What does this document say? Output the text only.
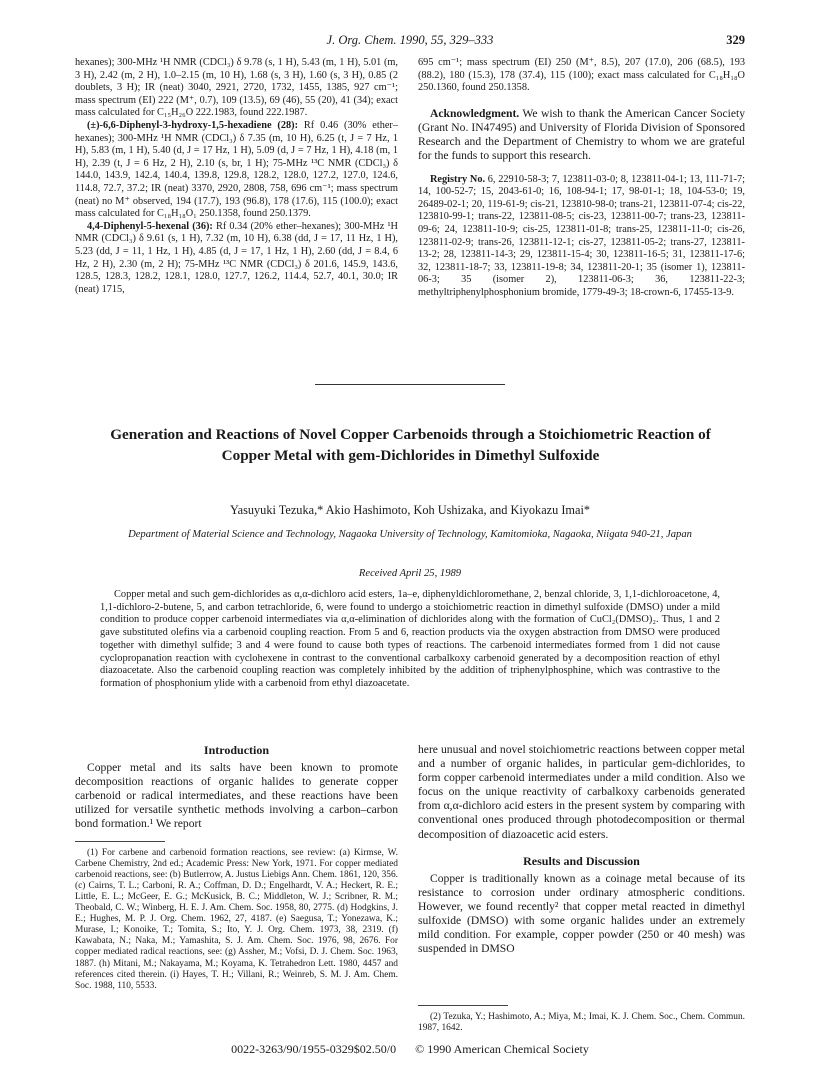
J. Org. Chem. 1990, 55, 329–333	329

hexanes); 300-MHz ¹H NMR (CDCl₃) δ 9.78 (s, 1 H), 5.43 (m, 1 H), 5.01 (m, 3 H), 2.42 (m, 2 H), 1.0–2.15 (m, 10 H), 1.68 (s, 3 H), 1.60 (s, 3 H), 0.85 (2 doublets, 3 H); IR (neat) 3040, 2921, 2720, 1732, 1455, 1385, 927 cm⁻¹; mass spectrum (EI) 222 (M⁺, 0.7), 109 (13.5), 69 (46), 55 (20), 41 (34); exact mass calculated for C₁₅H₂₆O 222.1983, found 222.1987.

(±)-6,6-Diphenyl-3-hydroxy-1,5-hexadiene (28): Rf 0.46 (30% ether–hexanes); 300-MHz ¹H NMR (CDCl₃) δ 7.35 (m, 10 H), 6.25 (t, J = 7 Hz, 1 H), 5.83 (m, 1 H), 5.40 (d, J = 17 Hz, 1 H), 5.09 (d, J = 7 Hz, 1 H), 4.18 (m, 1 H), 2.39 (t, J = 6 Hz, 2 H), 2.10 (s, br, 1 H); 75-MHz ¹³C NMR (CDCl₃) δ 144.0, 143.9, 142.4, 140.4, 139.8, 129.8, 128.2, 128.0, 127.2, 127.0, 124.6, 114.8, 72.7, 37.2; IR (neat) 3370, 2920, 2808, 758, 696 cm⁻¹; mass spectrum (neat) no M⁺ observed, 194 (17.7), 193 (96.8), 178 (17.6), 115 (100.0); exact mass calculated for C₁₈H₁₈O₁ 250.1358, found 250.1379.

4,4-Diphenyl-5-hexenal (36): Rf 0.34 (20% ether–hexanes); 300-MHz ¹H NMR (CDCl₃) δ 9.61 (s, 1 H), 7.32 (m, 10 H), 6.38 (dd, J = 17, 11 Hz, 1 H), 5.23 (dd, J = 11, 1 Hz, 1 H), 4.85 (d, J = 17, 1 Hz, 1 H), 2.60 (dd, J = 8.4, 6 Hz, 2 H), 2.30 (m, 2 H); 75-MHz ¹³C NMR (CDCl₃) δ 201.6, 145.9, 143.6, 128.5, 128.3, 128.2, 128.1, 128.0, 127.7, 126.2, 114.4, 52.7, 40.1, 30.0; IR (neat) 1715,

695 cm⁻¹; mass spectrum (EI) 250 (M⁺, 8.5), 207 (17.0), 206 (68.5), 193 (88.2), 180 (15.3), 178 (37.4), 115 (100); exact mass calculated for C₁₈H₁₈O 250.1360, found 250.1358.

Acknowledgment. We wish to thank the American Cancer Society (Grant No. IN47495) and University of Florida Division of Sponsored Research and the Department of Chemistry to whom we are grateful for the funds to support this research.

Registry No. 6, 22910-58-3; 7, 123811-03-0; 8, 123811-04-1; 13, 111-71-7; 14, 100-52-7; 15, 2043-61-0; 16, 108-94-1; 17, 98-01-1; 18, 104-53-0; 19, 26489-02-1; 20, 119-61-9; cis-21, 123810-98-0; trans-21, 123811-07-4; cis-22, 123810-99-1; trans-22, 123811-08-5; cis-23, 123811-00-7; trans-23, 123811-09-6; 24, 123811-10-9; cis-25, 123811-01-8; trans-25, 123811-11-0; cis-26, 123811-02-9; trans-26, 123811-12-1; cis-27, 123811-05-2; trans-27, 123811-13-2; 28, 123811-14-3; 29, 123811-15-4; 30, 123811-16-5; 31, 123811-17-6; 32, 123811-18-7; 33, 123811-19-8; 34, 123811-20-1; 35 (isomer 1), 123811-06-3; 35 (isomer 2), 123811-06-3; 36, 123811-22-3; methyltriphenylphosphonium bromide, 1779-49-3; 18-crown-6, 17455-13-9.

Generation and Reactions of Novel Copper Carbenoids through a Stoichiometric Reaction of Copper Metal with gem-Dichlorides in Dimethyl Sulfoxide
Yasuyuki Tezuka,* Akio Hashimoto, Koh Ushizaka, and Kiyokazu Imai*
Department of Material Science and Technology, Nagaoka University of Technology, Kamitomioka, Nagaoka, Niigata 940-21, Japan
Received April 25, 1989
Copper metal and such gem-dichlorides as α,α-dichloro acid esters, 1a–e, diphenyldichloromethane, 2, benzal chloride, 3, 1,1-dichloroacetone, 4, 1,1-dichloro-2-butene, 5, and carbon tetrachloride, 6, were found to undergo a stoichiometric reaction in dimethyl sulfoxide (DMSO) under a mild condition to produce copper carbenoid intermediates via α,α-elimination of dichlorides along with the formation of CuCl₂(DMSO)₂. Thus, 1 and 2 gave substituted olefins via a carbenoid coupling reaction. From 5 and 6, reaction products via the oxygen abstraction from DMSO were produced together with dimethyl sulfide; 3 and 4 were found to cause both types of reactions. The carbenoid intermediates formed from 1 did not cause cyclopropanation reaction with cyclohexene in contrast to the conventional carbalkoxy carbenoid generated by a decomposition reaction of ethyl diazoacetate. Also the carbenoid coupling reaction was completely inhibited by the addition of triphenylphosphine, which was contrastive to the formation of phosphonium ylide with a carbenoid from ethyl diazoacetate.
Introduction

Copper metal and its salts have been known to promote decomposition reactions of organic halides to generate copper carbenoid or radical intermediates, and these reactions have been utilized for versatile synthetic methods involving a carbon–carbon bond formation.¹ We report

(1) For carbene and carbenoid formation reactions, see review: (a) Kirmse, W. Carbene Chemistry, 2nd ed.; Academic Press: New York, 1971. For copper mediated carbenoid reactions, see: (b) Butlerrow, A. Justus Liebigs Ann. Chem. 1861, 120, 356. (c) Cairns, T. L.; Carboni, R. A.; Coffman, D. D.; Engelhardt, V. A.; Heckert, R. E.; Little, E. L.; McGeer, E. G.; McKusick, B. C.; Middleton, W. J.; Scribner, R. M.; Theobald, C. W.; Winberg, H. E. J. Am. Chem. Soc. 1958, 80, 2775. (d) Hodgkins, J. E.; Hughes, M. P. J. Org. Chem. 1962, 27, 4187. (e) Saegusa, T.; Yonezawa, K.; Murase, I.; Konoike, T.; Tomita, S.; Ito, Y. J. Org. Chem. 1973, 38, 2319. (f) Kawabata, N.; Naka, M.; Yamashita, S. J. Am. Chem. Soc. 1976, 98, 2676. For copper mediated radical reactions, see: (g) Assher, M.; Vofsi, D. J. Chem. Soc. 1963, 1887. (h) Mitani, M.; Nakayama, M.; Koyama, K. Tetrahedron Lett. 1980, 4457 and references cited therein. (i) Hayes, T. H.; Villani, R.; Weinreb, S. M. J. Am. Chem. Soc. 1988, 110, 5533.

here unusual and novel stoichiometric reactions between copper metal and a number of organic halides, in particular gem-dichlorides, to form copper carbenoid intermediates under a mild condition. Also we focus on the unique reactivity of carbalkoxy carbenoids generated from α,α-dichloro acid esters in the present system by comparing with conventional ones produced through photodecomposition or thermal decomposition of diazoacetic acid esters.

Results and Discussion

Copper is traditionally known as a coinage metal because of its resistance to corrosion under ordinary atmospheric conditions. However, we found recently² that copper metal reacted in dimethyl sulfoxide (DMSO) with some organic halides under an extremely mild condition. For example, copper powder (250 or 40 mesh) was suspended in DMSO

(2) Tezuka, Y.; Hashimoto, A.; Miya, M.; Imai, K. J. Chem. Soc., Chem. Commun. 1987, 1642.

0022-3263/90/1955-0329$02.50/0 © 1990 American Chemical Society
